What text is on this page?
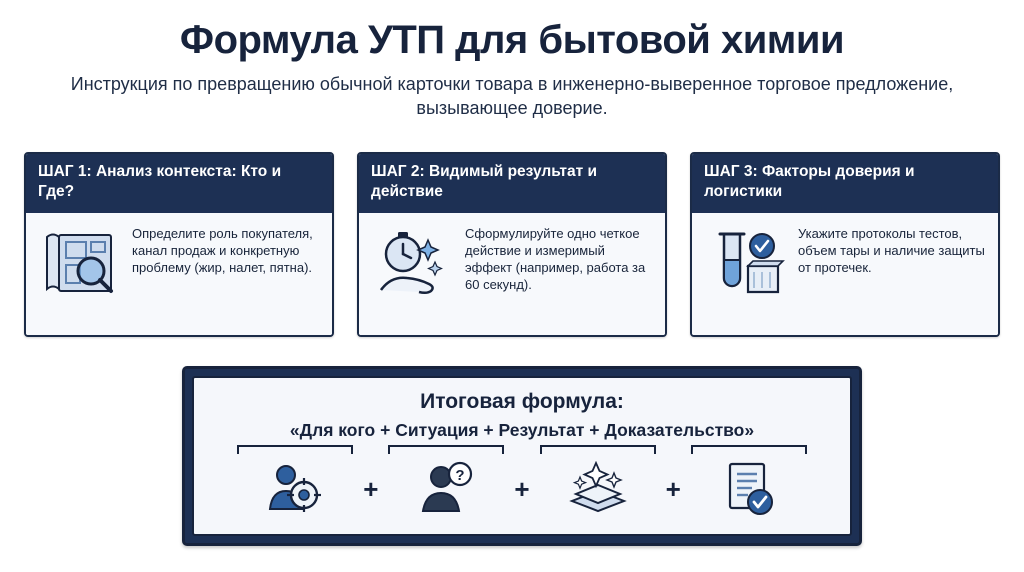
Формула УТП для бытовой химии
Инструкция по превращению обычной карточки товара в инженерно-выверенное торговое предложение, вызывающее доверие.
ШАГ 1: Анализ контекста: Кто и Где?
Определите роль покупателя, канал продаж и конкретную проблему (жир, налет, пятна).
ШАГ 2: Видимый результат и действие
Сформулируйте одно четкое действие и измеримый эффект (например, работа за 60 секунд).
ШАГ 3: Факторы доверия и логистики
Укажите протоколы тестов, объем тары и наличие защиты от протечек.
Итоговая формула:
«Для кого + Ситуация + Результат + Доказательство»
+	? +	+
